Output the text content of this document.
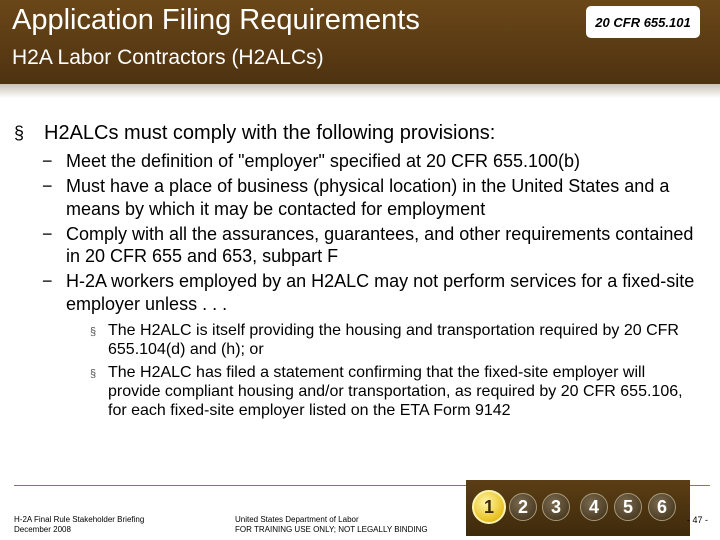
Application Filing Requirements
H2A Labor Contractors (H2ALCs)
20 CFR 655.101
§ H2ALCs must comply with the following provisions:
− Meet the definition of "employer" specified at 20 CFR 655.100(b)
− Must have a place of business (physical location) in the United States and a means by which it may be contacted for employment
− Comply with all the assurances, guarantees, and other requirements contained in 20 CFR 655 and 653, subpart F
− H-2A workers employed by an H2ALC may not perform services for a fixed-site employer unless . . .
§ The H2ALC is itself providing the housing and transportation required by 20 CFR 655.104(d) and (h); or
§ The H2ALC has filed a statement confirming that the fixed-site employer will provide compliant housing and/or transportation, as required by 20 CFR 655.106, for each fixed-site employer listed on the ETA Form 9142
H-2A Final Rule Stakeholder Briefing
December 2008
United States Department of Labor
FOR TRAINING USE ONLY; NOT LEGALLY BINDING
1	2	3	4	5	6
- 47 -
